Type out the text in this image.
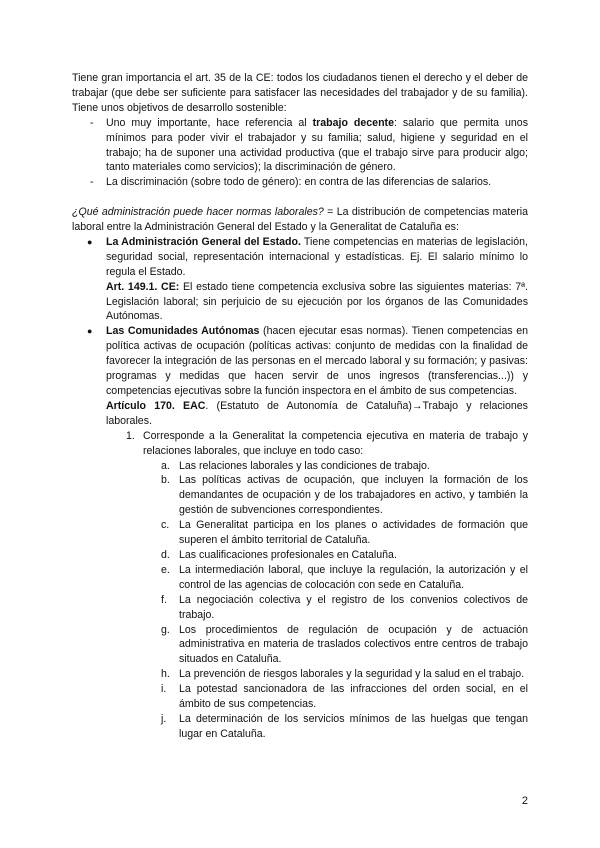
Tiene gran importancia el art. 35 de la CE: todos los ciudadanos tienen el derecho y el deber de trabajar (que debe ser suficiente para satisfacer las necesidades del trabajador y de su familia). Tiene unos objetivos de desarrollo sostenible:

- Uno muy importante, hace referencia al trabajo decente: salario que permita unos mínimos para poder vivir el trabajador y su familia; salud, higiene y seguridad en el trabajo; ha de suponer una actividad productiva (que el trabajo sirve para producir algo; tanto materiales como servicios); la discriminación de género.
- La discriminación (sobre todo de género): en contra de las diferencias de salarios.

¿Qué administración puede hacer normas laborales? = La distribución de competencias materia laboral entre la Administración General del Estado y la Generalitat de Cataluña es:

● La Administración General del Estado. Tiene competencias en materias de legislación, seguridad social, representación internacional y estadísticas. Ej. El salario mínimo lo regula el Estado.

Art. 149.1. CE: El estado tiene competencia exclusiva sobre las siguientes materias: 7ª. Legislación laboral; sin perjuicio de su ejecución por los órganos de las Comunidades Autónomas.

● Las Comunidades Autónomas (hacen ejecutar esas normas). Tienen competencias en política activas de ocupación (políticas activas: conjunto de medidas con la finalidad de favorecer la integración de las personas en el mercado laboral y su formación; y pasivas: programas y medidas que hacen servir de unos ingresos (transferencias...)) y competencias ejecutivas sobre la función inspectora en el ámbito de sus competencias.

Artículo 170. EAC. (Estatuto de Autonomía de Cataluña)→Trabajo y relaciones laborales.

1. Corresponde a la Generalitat la competencia ejecutiva en materia de trabajo y relaciones laborales, que incluye en todo caso:
a. Las relaciones laborales y las condiciones de trabajo.
b. Las políticas activas de ocupación, que incluyen la formación de los demandantes de ocupación y de los trabajadores en activo, y también la gestión de subvenciones correspondientes.
c. La Generalitat participa en los planes o actividades de formación que superen el ámbito territorial de Cataluña.
d. Las cualificaciones profesionales en Cataluña.
e. La intermediación laboral, que incluye la regulación, la autorización y el control de las agencias de colocación con sede en Cataluña.
f. La negociación colectiva y el registro de los convenios colectivos de trabajo.
g. Los procedimientos de regulación de ocupación y de actuación administrativa en materia de traslados colectivos entre centros de trabajo situados en Cataluña.
h. La prevención de riesgos laborales y la seguridad y la salud en el trabajo.
i. La potestad sancionadora de las infracciones del orden social, en el ámbito de sus competencias.
j. La determinación de los servicios mínimos de las huelgas que tengan lugar en Cataluña.
2
